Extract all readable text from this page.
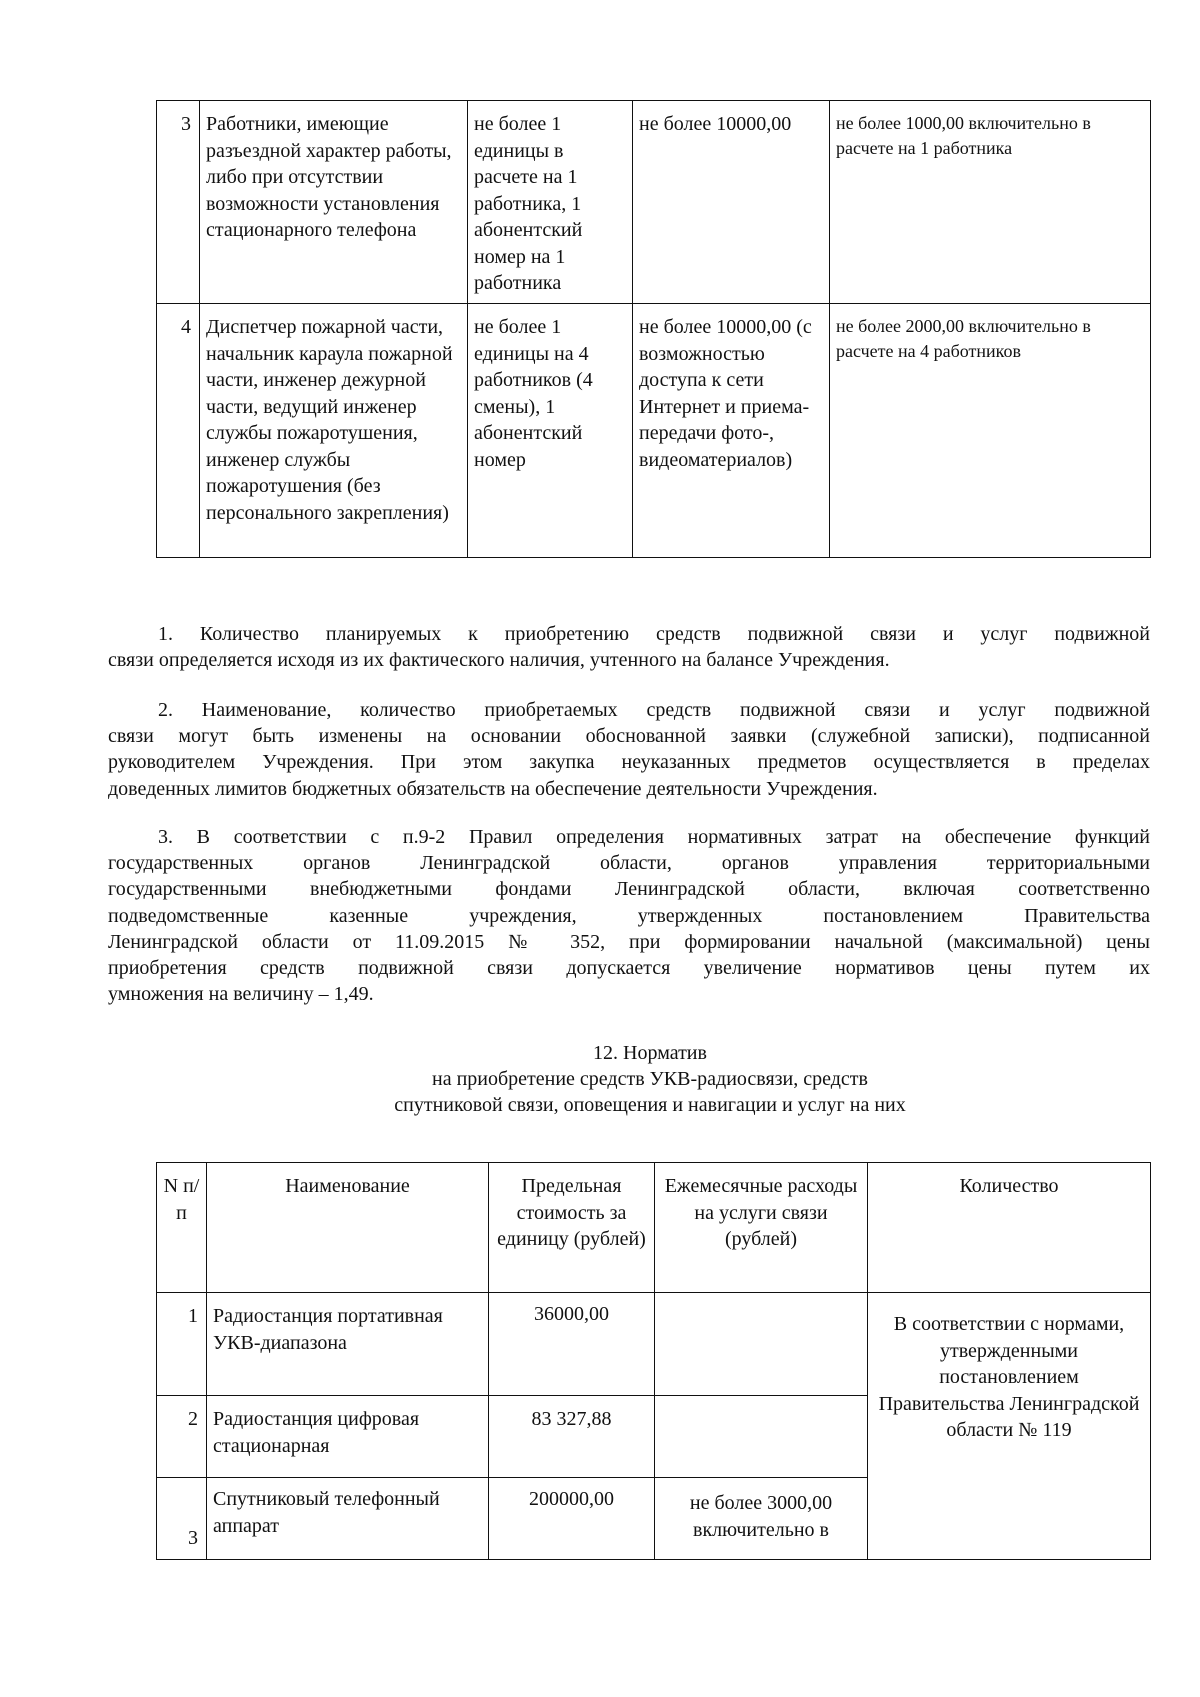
3	Работники, имеющие разъездной характер работы, либо при отсутствии возможности установления стационарного телефона	не более 1 единицы в расчете на 1 работника, 1 абонентский номер на 1 работника	не более 10000,00	не более 1000,00 включительно в расчете на 1 работника
4	Диспетчер пожарной части, начальник караула пожарной части, инженер дежурной части, ведущий инженер службы пожаротушения, инженер службы пожаротушения (без персонального закрепления)	не более 1 единицы на 4 работников (4 смены), 1 абонентский номер	не более 10000,00 (с возможностью доступа к сети Интернет и приема-передачи фото-, видеоматериалов)	не более 2000,00 включительно в расчете на 4 работников
1. Количество планируемых к приобретению средств подвижной связи и услуг подвижной
связи определяется исходя из их фактического наличия, учтенного на балансе Учреждения.
2. Наименование, количество приобретаемых средств подвижной связи и услуг подвижной
связи могут быть изменены на основании обоснованной заявки (служебной записки), подписанной
руководителем Учреждения. При этом закупка неуказанных предметов осуществляется в пределах
доведенных лимитов бюджетных обязательств на обеспечение деятельности Учреждения.
3. В соответствии с п.9-2 Правил определения нормативных затрат на обеспечение функций
государственных органов Ленинградской области, органов управления территориальными
государственными внебюджетными фондами Ленинградской области, включая соответственно
подведомственные казенные учреждения, утвержденных постановлением Правительства
Ленинградской области от 11.09.2015 № 352, при формировании начальной (максимальной) цены
приобретения средств подвижной связи допускается увеличение нормативов цены путем их
умножения на величину – 1,49.
12. Норматив
на приобретение средств УКВ-радиосвязи, средств
спутниковой связи, оповещения и навигации и услуг на них
N п/п	Наименование	Предельная стоимость за единицу (рублей)	Ежемесячные расходы на услуги связи (рублей)	Количество
1	Радиостанция портативная УКВ-диапазона	36000,00		В соответствии с нормами, утвержденными постановлением Правительства Ленинградской области № 119
2	Радиостанция цифровая стационарная	83 327,88		
3	Спутниковый телефонный аппарат	200000,00	не более 3000,00 включительно в	
